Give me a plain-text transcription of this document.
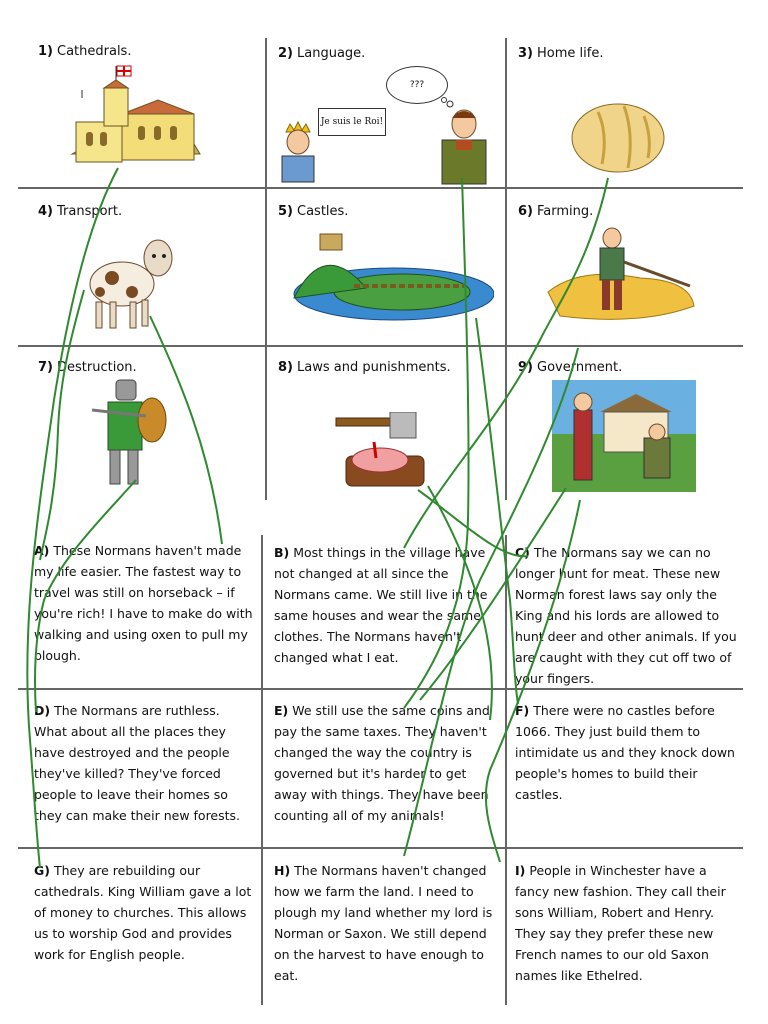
1) Cathedrals.	2) Language.	3) Home life.
4) Transport.	5) Castles.	6) Farming.
7) Destruction.	8) Laws and punishments.	9) Government.
Je suis le Roi!
???
A) These Normans haven't made my life easier. The fastest way to travel was still on horseback – if you're rich! I have to make do with walking and using oxen to pull my plough.
B) Most things in the village have not changed at all since the Normans came. We still live in the same houses and wear the same clothes. The Normans haven't changed what I eat.
C) The Normans say we can no longer hunt for meat. These new Norman forest laws say only the King and his lords are allowed to hunt deer and other animals. If you are caught with they cut off two of your fingers.
D) The Normans are ruthless. What about all the places they have destroyed and the people they've killed? They've forced people to leave their homes so they can make their new forests.
E) We still use the same coins and pay the same taxes. They haven't changed the way the country is governed but it's harder to get away with things. They have been counting all of my animals!
F) There were no castles before 1066. They just build them to intimidate us and they knock down people's homes to build their castles.
G) They are rebuilding our cathedrals. King William gave a lot of money to churches. This allows us to worship God and provides work for English people.
H) The Normans haven't changed how we farm the land. I need to plough my land whether my lord is Norman or Saxon. We still depend on the harvest to have enough to eat.
I) People in Winchester have a fancy new fashion. They call their sons William, Robert and Henry. They say they prefer these new French names to our old Saxon names like Ethelred.
